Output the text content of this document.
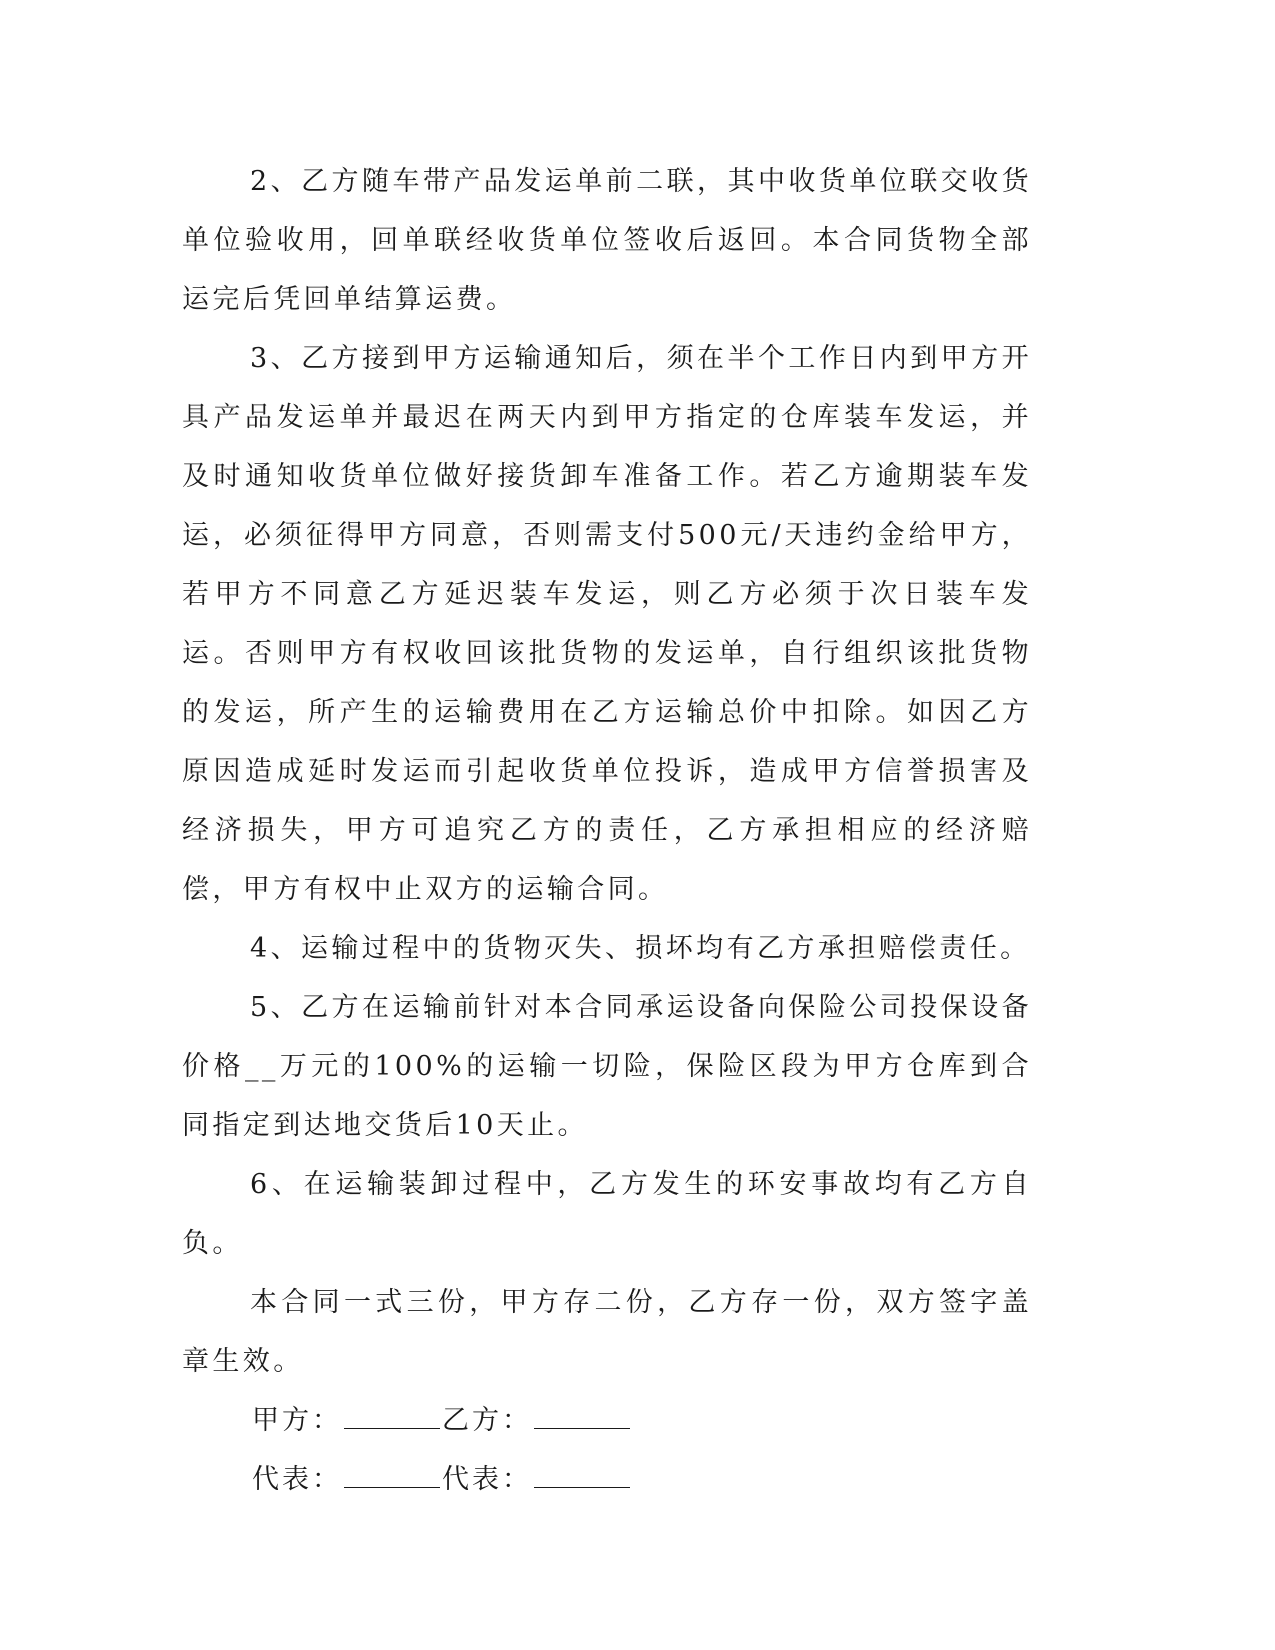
2、乙方随车带产品发运单前二联，其中收货单位联交收货单位验收用，回单联经收货单位签收后返回。本合同货物全部运完后凭回单结算运费。

3、乙方接到甲方运输通知后，须在半个工作日内到甲方开具产品发运单并最迟在两天内到甲方指定的仓库装车发运，并及时通知收货单位做好接货卸车准备工作。若乙方逾期装车发运，必须征得甲方同意，否则需支付500元/天违约金给甲方，若甲方不同意乙方延迟装车发运，则乙方必须于次日装车发运。否则甲方有权收回该批货物的发运单，自行组织该批货物的发运，所产生的运输费用在乙方运输总价中扣除。如因乙方原因造成延时发运而引起收货单位投诉，造成甲方信誉损害及经济损失，甲方可追究乙方的责任，乙方承担相应的经济赔偿，甲方有权中止双方的运输合同。

4、运输过程中的货物灭失、损坏均有乙方承担赔偿责任。

5、乙方在运输前针对本合同承运设备向保险公司投保设备价格__万元的100%的运输一切险，保险区段为甲方仓库到合同指定到达地交货后10天止。

6、在运输装卸过程中，乙方发生的环安事故均有乙方自负。

本合同一式三份，甲方存二份，乙方存一份，双方签字盖章生效。

甲方：	乙方：
代表：	代表：
